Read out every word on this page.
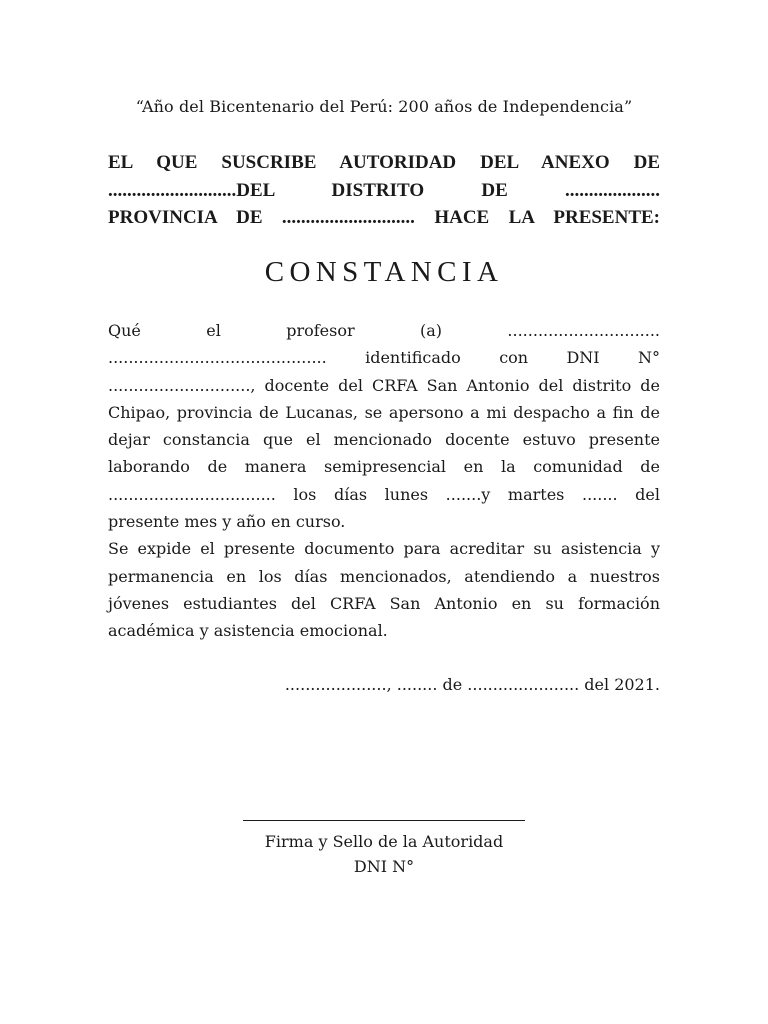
“Año del Bicentenario del Perú: 200 años de Independencia”
EL QUE SUSCRIBE AUTORIDAD DEL ANEXO DE
...........................DEL DISTRITO DE ....................
PROVINCIA DE ............................ HACE LA PRESENTE:
CONSTANCIA
Qué el profesor (a) ..............................
........................................... identificado con DNI N°
............................, docente del CRFA San Antonio del distrito de
Chipao, provincia de Lucanas, se apersono a mi despacho a fin de
dejar constancia que el mencionado docente estuvo presente
laborando de manera semipresencial en la comunidad de
................................. los días lunes .......y martes ....... del
presente mes y año en curso.
Se expide el presente documento para acreditar su asistencia y
permanencia en los días mencionados, atendiendo a nuestros
jóvenes estudiantes del CRFA San Antonio en su formación
académica y asistencia emocional.
...................., ........ de ...................... del 2021.
Firma y Sello de la Autoridad
DNI N°
